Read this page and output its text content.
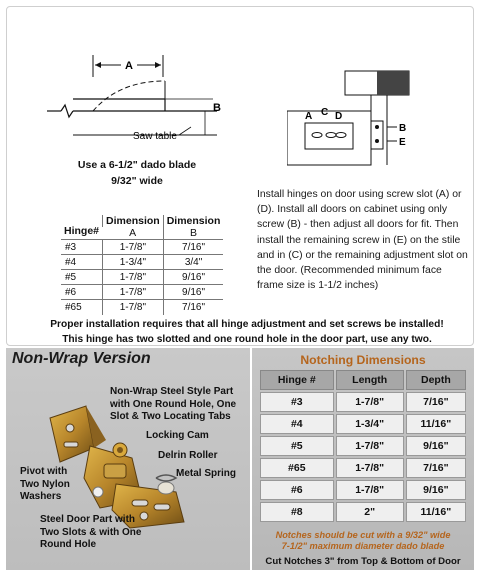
A
B
Saw table
Use a 6-1/2" dado blade
9/32" wide
A C D
B
E
Hinge#	Dimension	Dimension
	A	B
#3	1-7/8"	7/16"
#4	1-3/4"	3/4"
#5	1-7/8"	9/16"
#6	1-7/8"	9/16"
#65	1-7/8"	7/16"
Install hinges on door using screw slot (A) or (D). Install all doors on cabinet using only screw (B) - then adjust all doors for fit. Then install the remaining screw in (E) on the stile and in (C) or the remaining adjustment slot on the door. (Recommended minimum face frame size is 1-1/2 inches)
Proper installation requires that all hinge adjustment and set screws be installed!
This hinge has two slotted and one round hole in the door part, use any two.
Non-Wrap Version
Non-Wrap Steel Style Part with One Round Hole, One Slot & Two Locating Tabs
Locking Cam
Delrin Roller
Metal Spring
Pivot with Two Nylon Washers
Steel Door Part with Two Slots & with One Round Hole
Notching Dimensions
Hinge #	Length	Depth
#3	1-7/8"	7/16"
#4	1-3/4"	11/16"
#5	1-7/8"	9/16"
#65	1-7/8"	7/16"
#6	1-7/8"	9/16"
#8	2"	11/16"
Notches should be cut with a 9/32" wide
7-1/2" maximum diameter dado blade
Cut Notches 3" from Top & Bottom of Door
